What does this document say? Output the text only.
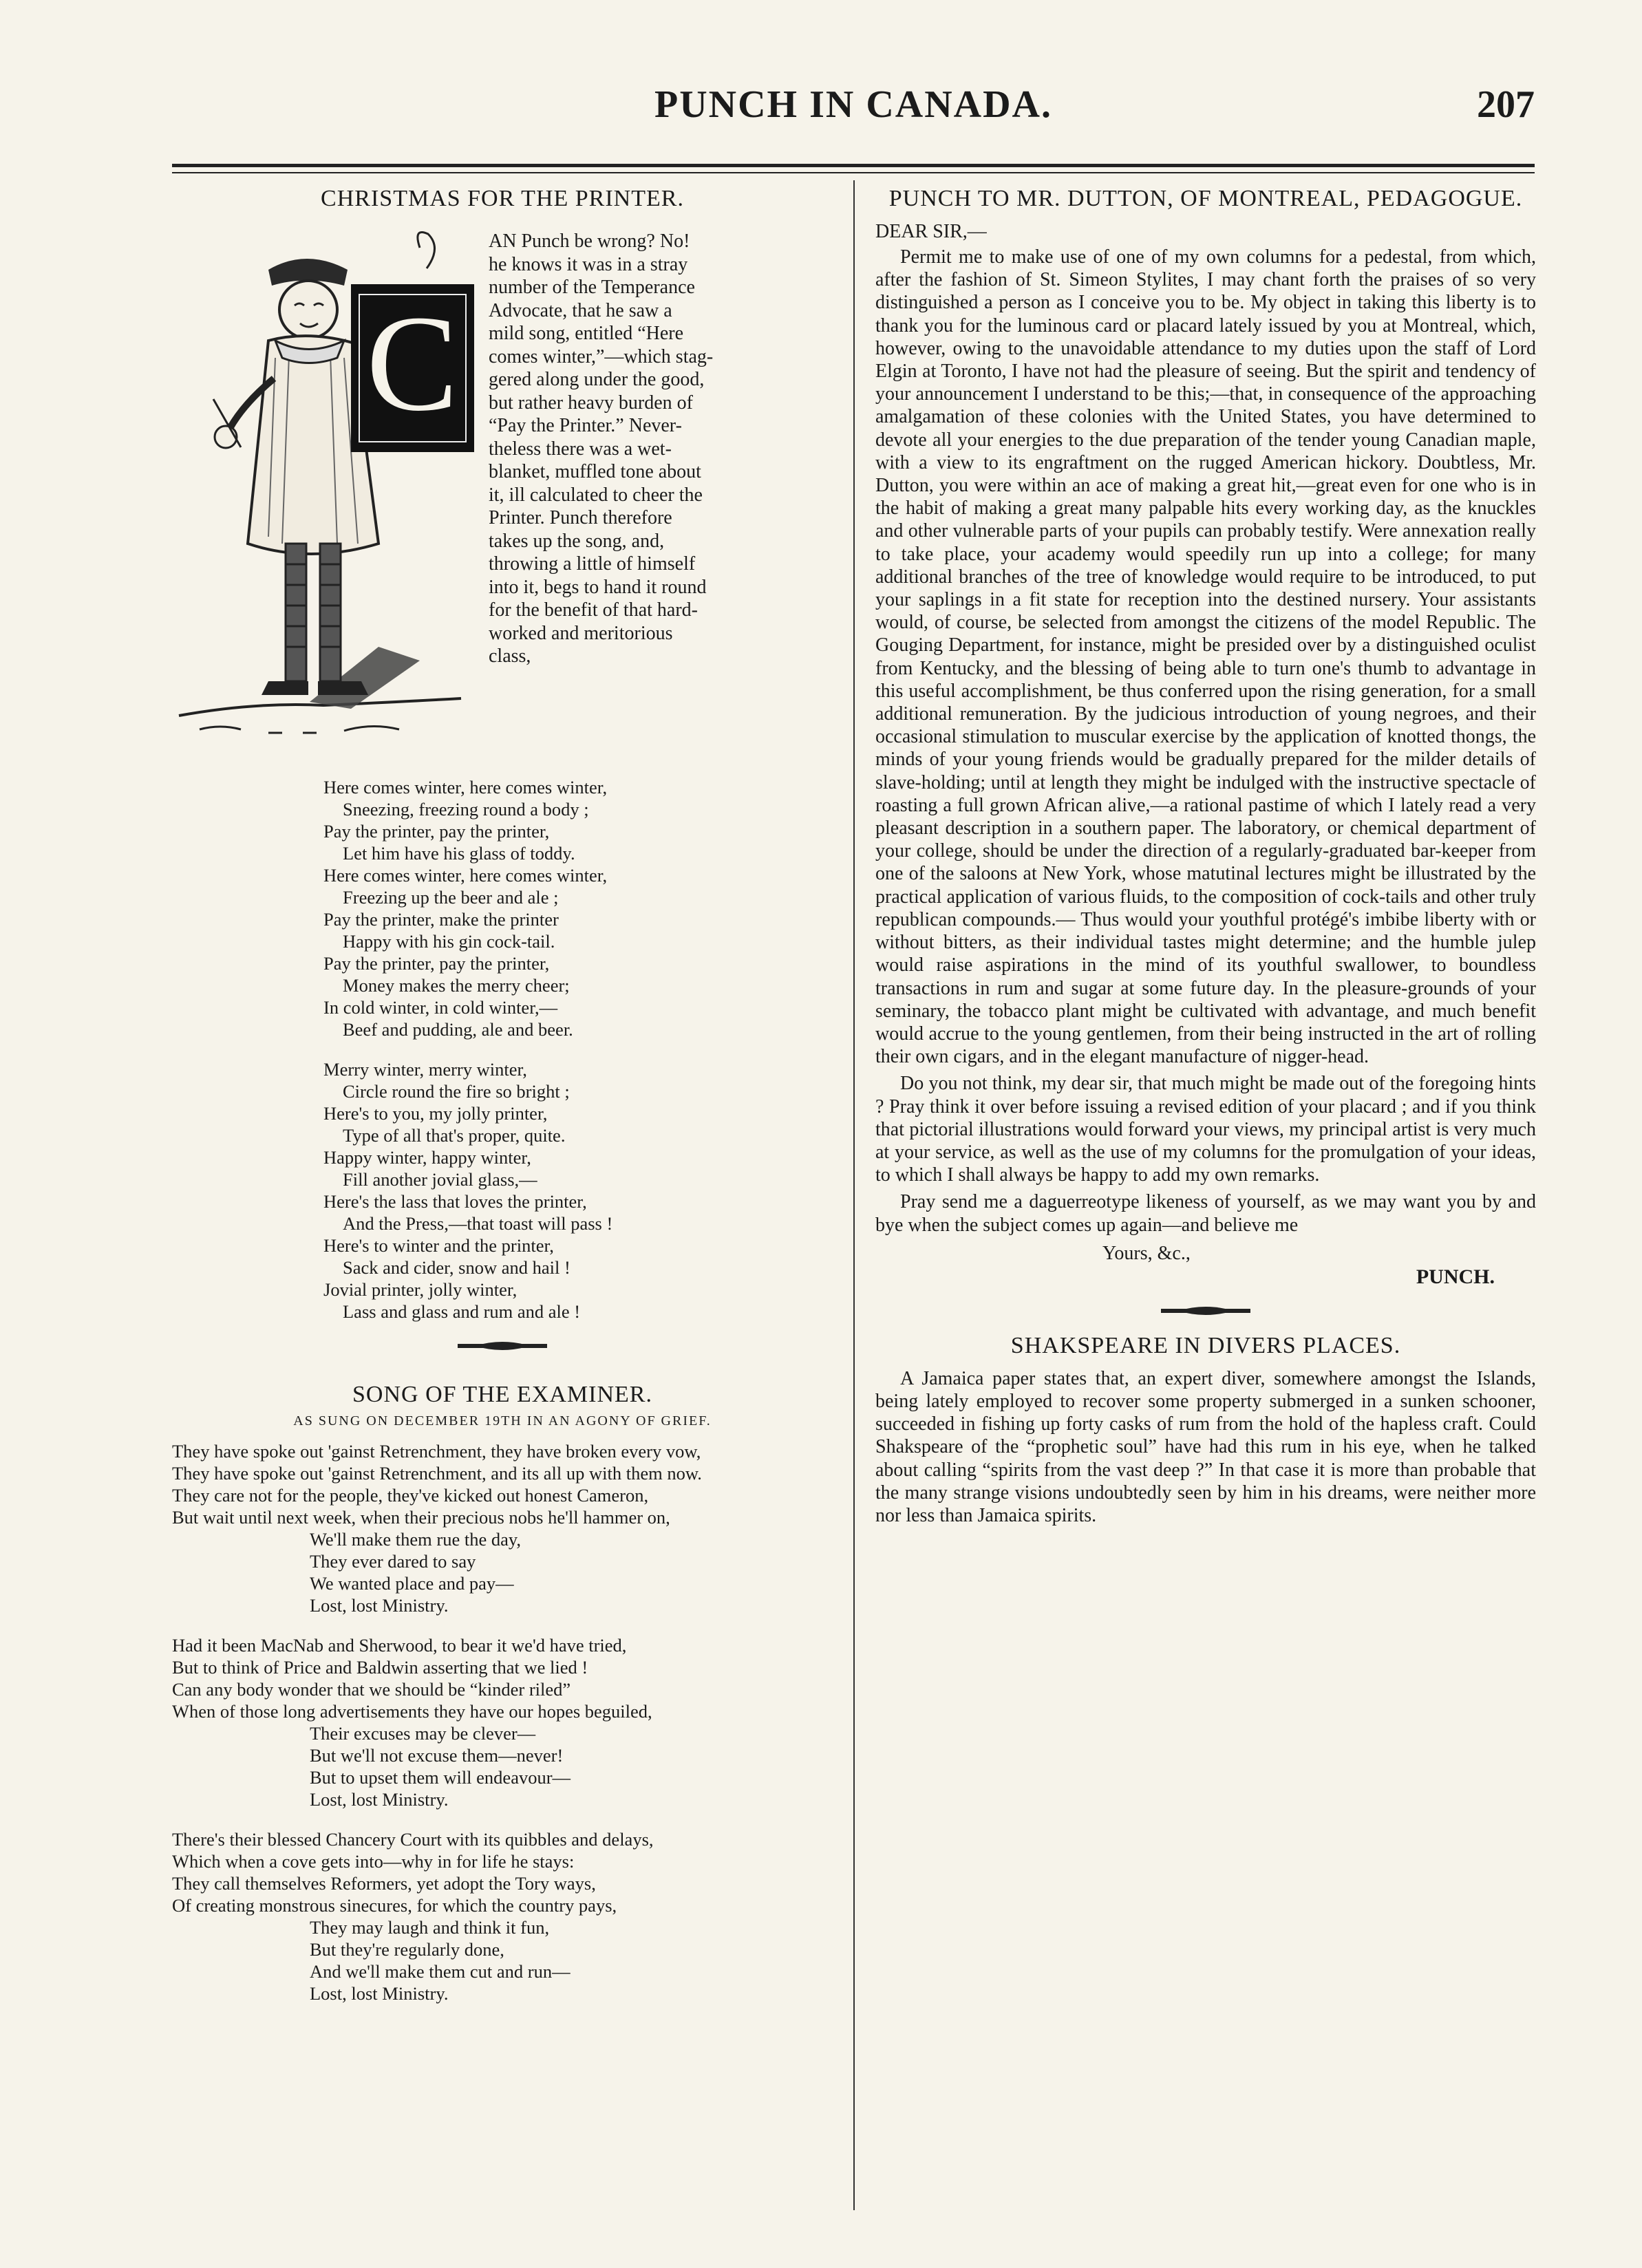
PUNCH IN CANADA.	207
CHRISTMAS FOR THE PRINTER.
C
AN Punch be wrong? No!
he knows it was in a stray
number of the Temperance
Advocate, that he saw a
mild song, entitled “Here
comes winter,”—which stag-
gered along under the good,
but rather heavy burden of
“Pay the Printer.” Never-
theless there was a wet-
blanket, muffled tone about
it, ill calculated to cheer the
Printer. Punch therefore
takes up the song, and,
throwing a little of himself
into it, begs to hand it round
for the benefit of that hard-
worked and meritorious
class,
Here comes winter, here comes winter,
Sneezing, freezing round a body ;
Pay the printer, pay the printer,
Let him have his glass of toddy.
Here comes winter, here comes winter,
Freezing up the beer and ale ;
Pay the printer, make the printer
Happy with his gin cock-tail.
Pay the printer, pay the printer,
Money makes the merry cheer;
In cold winter, in cold winter,—
Beef and pudding, ale and beer.
Merry winter, merry winter,
Circle round the fire so bright ;
Here's to you, my jolly printer,
Type of all that's proper, quite.
Happy winter, happy winter,
Fill another jovial glass,—
Here's the lass that loves the printer,
And the Press,—that toast will pass !
Here's to winter and the printer,
Sack and cider, snow and hail !
Jovial printer, jolly winter,
Lass and glass and rum and ale !
SONG OF THE EXAMINER.
AS SUNG ON DECEMBER 19TH IN AN AGONY OF GRIEF.
They have spoke out 'gainst Retrenchment, they have broken every vow,
They have spoke out 'gainst Retrenchment, and its all up with them now.
They care not for the people, they've kicked out honest Cameron,
But wait until next week, when their precious nobs he'll hammer on,
We'll make them rue the day,
They ever dared to say
We wanted place and pay—
Lost, lost Ministry.
Had it been MacNab and Sherwood, to bear it we'd have tried,
But to think of Price and Baldwin asserting that we lied !
Can any body wonder that we should be “kinder riled”
When of those long advertisements they have our hopes beguiled,
Their excuses may be clever—
But we'll not excuse them—never!
But to upset them will endeavour—
Lost, lost Ministry.
There's their blessed Chancery Court with its quibbles and delays,
Which when a cove gets into—why in for life he stays:
They call themselves Reformers, yet adopt the Tory ways,
Of creating monstrous sinecures, for which the country pays,
They may laugh and think it fun,
But they're regularly done,
And we'll make them cut and run—
Lost, lost Ministry.
PUNCH TO MR. DUTTON, OF MONTREAL, PEDAGOGUE.
DEAR SIR,—

Permit me to make use of one of my own columns for a pedestal, from which, after the fashion of St. Simeon Stylites, I may chant forth the praises of so very distinguished a person as I conceive you to be. My object in taking this liberty is to thank you for the luminous card or placard lately issued by you at Montreal, which, however, owing to the unavoidable attendance to my duties upon the staff of Lord Elgin at Toronto, I have not had the pleasure of seeing. But the spirit and tendency of your announcement I understand to be this;—that, in consequence of the approaching amalgamation of these colonies with the United States, you have determined to devote all your energies to the due preparation of the tender young Canadian maple, with a view to its engraftment on the rugged American hickory. Doubtless, Mr. Dutton, you were within an ace of making a great hit,—great even for one who is in the habit of making a great many palpable hits every working day, as the knuckles and other vulnerable parts of your pupils can probably testify. Were annexation really to take place, your academy would speedily run up into a college; for many additional branches of the tree of knowledge would require to be introduced, to put your saplings in a fit state for reception into the destined nursery. Your assistants would, of course, be selected from amongst the citizens of the model Republic. The Gouging Department, for instance, might be presided over by a distinguished oculist from Kentucky, and the blessing of being able to turn one's thumb to advantage in this useful accomplishment, be thus conferred upon the rising generation, for a small additional remuneration. By the judicious introduction of young negroes, and their occasional stimulation to muscular exercise by the application of knotted thongs, the minds of your young friends would be gradually prepared for the milder details of slave-holding; until at length they might be indulged with the instructive spectacle of roasting a full grown African alive,—a rational pastime of which I lately read a very pleasant description in a southern paper. The laboratory, or chemical department of your college, should be under the direction of a regularly-graduated bar-keeper from one of the saloons at New York, whose matutinal lectures might be illustrated by the practical application of various fluids, to the composition of cock-tails and other truly republican compounds.— Thus would your youthful protégé's imbibe liberty with or without bitters, as their individual tastes might determine; and the humble julep would raise aspirations in the mind of its youthful swallower, to boundless transactions in rum and sugar at some future day. In the pleasure-grounds of your seminary, the tobacco plant might be cultivated with advantage, and much benefit would accrue to the young gentlemen, from their being instructed in the art of rolling their own cigars, and in the elegant manufacture of nigger-head.

Do you not think, my dear sir, that much might be made out of the foregoing hints ? Pray think it over before issuing a revised edition of your placard ; and if you think that pictorial illustrations would forward your views, my principal artist is very much at your service, as well as the use of my columns for the promulgation of your ideas, to which I shall always be happy to add my own remarks.

Pray send me a daguerreotype likeness of yourself, as we may want you by and bye when the subject comes up again—and believe me

Yours, &c.,
PUNCH.
SHAKSPEARE IN DIVERS PLACES.

A Jamaica paper states that, an expert diver, somewhere amongst the Islands, being lately employed to recover some property submerged in a sunken schooner, succeeded in fishing up forty casks of rum from the hold of the hapless craft. Could Shakspeare of the “prophetic soul” have had this rum in his eye, when he talked about calling “spirits from the vast deep ?” In that case it is more than probable that the many strange visions undoubtedly seen by him in his dreams, were neither more nor less than Jamaica spirits.
